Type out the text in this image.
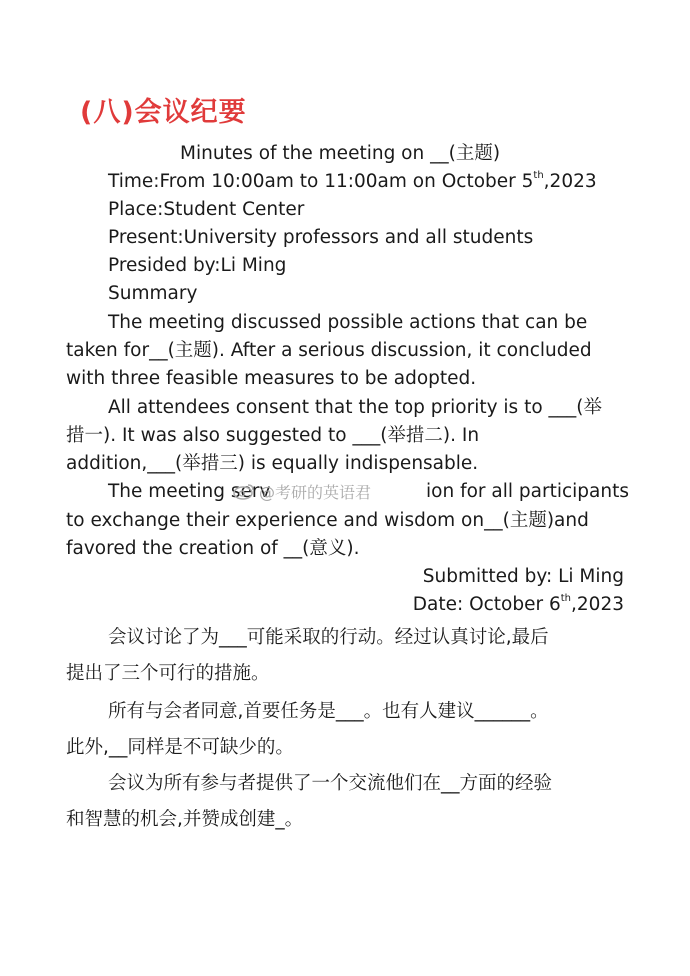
(八)会议纪要
Minutes of the meeting on __(主题)
Time:From 10:00am to 11:00am on October 5th,2023
Place:Student Center
Present:University professors and all students
Presided by:Li Ming
Summary
The meeting discussed possible actions that can be
taken for__(主题). After a serious discussion, it concluded
with three feasible measures to be adopted.
All attendees consent that the top priority is to ___(举
措一). It was also suggested to ___(举措二). In
addition,___(举措三) is equally indispensable.
The meeting serv	ion for all participants
to exchange their experience and wisdom on__(主题)and
favored the creation of __(意义).
@考研的英语君
Submitted by: Li Ming
Date: October 6th,2023
会议讨论了为___可能采取的行动。经过认真讨论,最后
提出了三个可行的措施。
所有与会者同意,首要任务是___。也有人建议______。
此外,__同样是不可缺少的。
会议为所有参与者提供了一个交流他们在__方面的经验
和智慧的机会,并赞成创建_。
